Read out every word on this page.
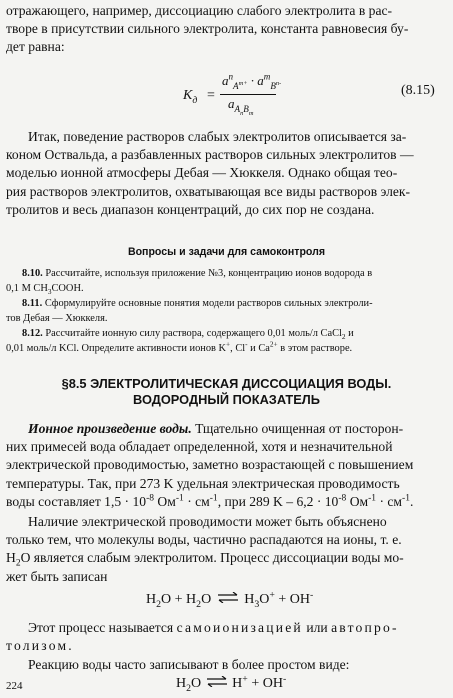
отражающего, например, диссоциацию слабого электролита в рас-
творе в присутствии сильного электролита, константа равновесия бу-
дет равна:
$K_д$ =
$a^n_{A^{m+}} \cdot a^m_{B^{n-}}$
$a_{A_nB_m}$
(8.15)
Итак, поведение растворов слабых электролитов описывается за-
коном Оствальда, а разбавленных растворов сильных электролитов —
моделью ионной атмосферы Дебая — Хюккеля. Однако общая тео-
рия растворов электролитов, охватывающая все виды растворов элек-
тролитов и весь диапазон концентраций, до сих пор не создана.
Вопросы и задачи для самоконтроля
8.10. Рассчитайте, используя приложение №3, концентрацию ионов водорода в
0,1 M $CH_3COOH$.
8.11. Сформулируйте основные понятия модели растворов сильных электроли-
тов Дебая — Хюккеля.
8.12. Рассчитайте ионную силу раствора, содержащего 0,01 моль/л CaCl$_2$ и
0,01 моль/л KCl. Определите активности ионов K+, Cl- и $Ca^{2+}$ в этом растворе.
§8.5 ЭЛЕКТРОЛИТИЧЕСКАЯ ДИССОЦИАЦИЯ ВОДЫ.
ВОДОРОДНЫЙ ПОКАЗАТЕЛЬ
Ионное произведение воды. Тщательно очищенная от посторон-
них примесей вода обладает определенной, хотя и незначительной
электрической проводимостью, заметно возрастающей с повышением
температуры. Так, при 273 K удельная электрическая проводимость
воды составляет $1,5 \cdot 10^{-8}$ $Ом^{-1} \cdot см^{-1}$, при 289 $K - 6,2 \cdot 10^{-8}$ $Ом^{-1} \cdot см^{-1}$.
Наличие электрической проводимости может быть объяснено
только тем, что молекулы воды, частично распадаются на ионы, т. е.
$H_2O$ является слабым электролитом. Процесс диссоциации воды мо-
жет быть записан
$H_2O + H_2O$ ⇌ $H_3O^+ + OH^-$
Этот процесс называется самоионизацией или автопро-
толизом.
Реакцию воды часто записывают в более простом виде:
$H_2O$ ⇌ H+ + OH-
224
